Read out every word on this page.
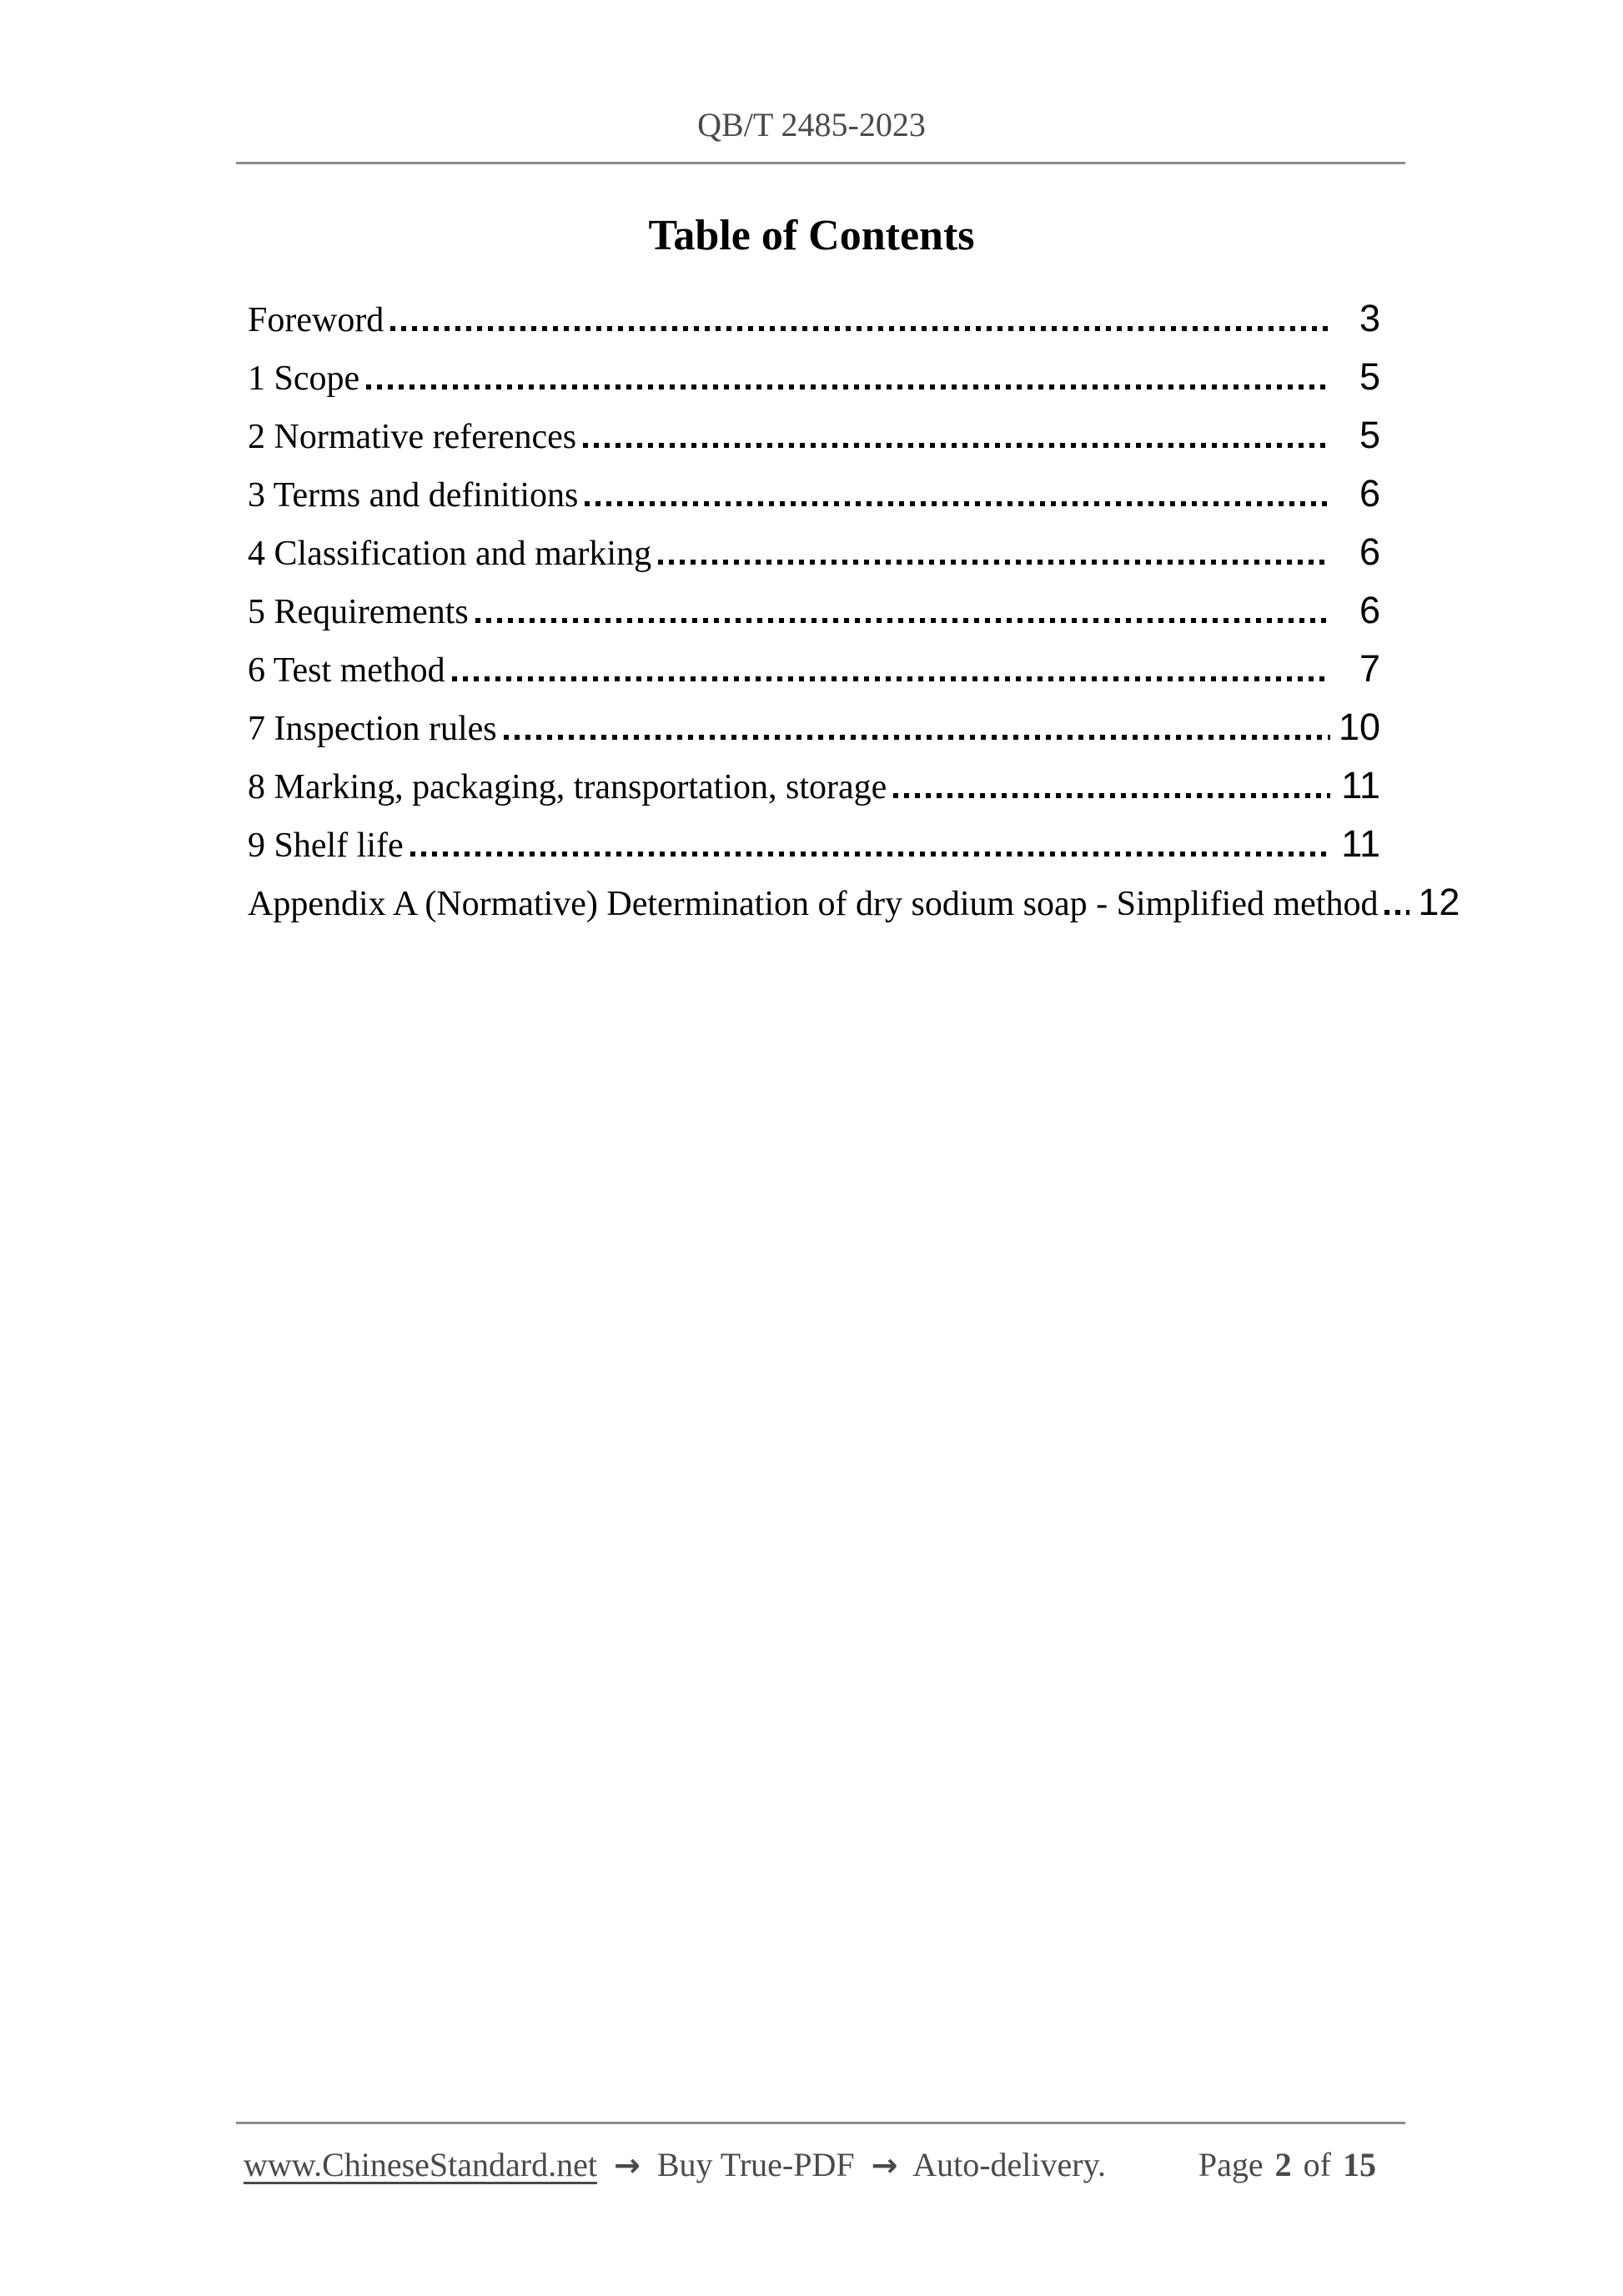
QB/T 2485-2023
Table of Contents
Foreword	3
1 Scope	5
2 Normative references	5
3 Terms and definitions	6
4 Classification and marking	6
5 Requirements	6
6 Test method	7
7 Inspection rules	10
8 Marking, packaging, transportation, storage	11
9 Shelf life	11
Appendix A (Normative) Determination of dry sodium soap - Simplified method 12
www.ChineseStandard.net → Buy True-PDF → Auto-delivery.	Page 2 of 15
